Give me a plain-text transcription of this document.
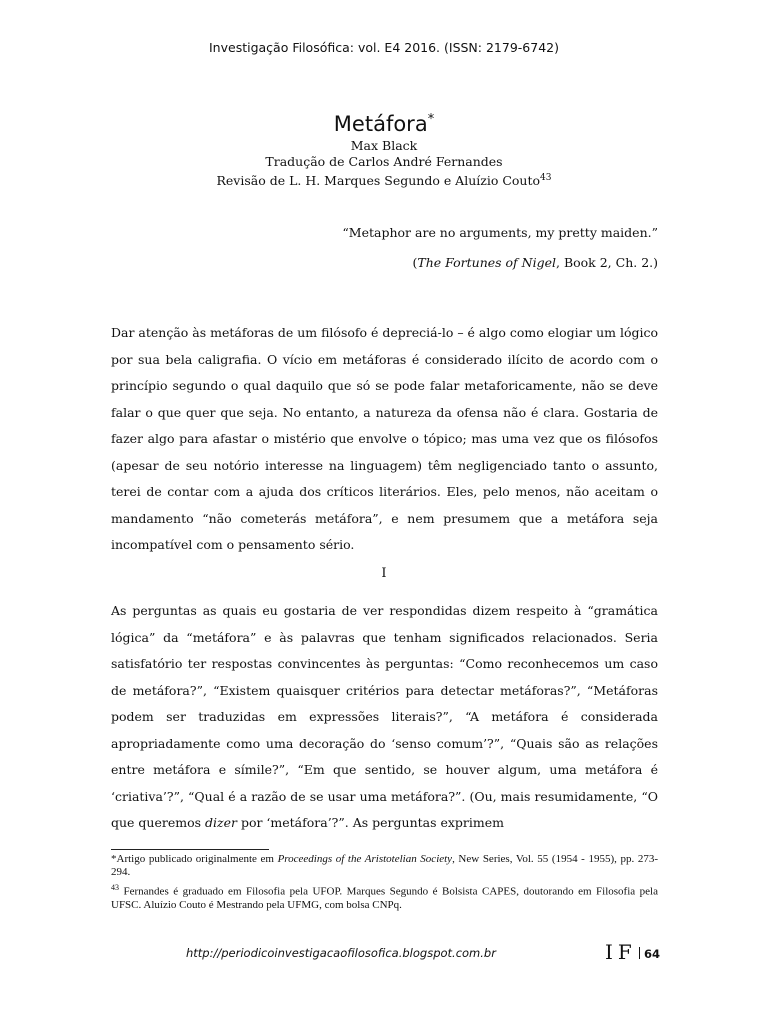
Investigação Filosófica: vol. E4 2016. (ISSN: 2179-6742)
Metáfora*
Max Black
Tradução de Carlos André Fernandes
Revisão de L. H. Marques Segundo e Aluízio Couto$^{43}$
“Metaphor are no arguments, my pretty maiden.”
(The Fortunes of Nigel, Book 2, Ch. 2.)
Dar atenção às metáforas de um filósofo é depreciá-lo – é algo como elogiar um lógico por sua bela caligrafia. O vício em metáforas é considerado ilícito de acordo com o princípio segundo o qual daquilo que só se pode falar metaforicamente, não se deve falar o que quer que seja. No entanto, a natureza da ofensa não é clara. Gostaria de fazer algo para afastar o mistério que envolve o tópico; mas uma vez que os filósofos (apesar de seu notório interesse na linguagem) têm negligenciado tanto o assunto, terei de contar com a ajuda dos críticos literários. Eles, pelo menos, não aceitam o mandamento “não cometerás metáfora”, e nem presumem que a metáfora seja incompatível com o pensamento sério.
I
As perguntas as quais eu gostaria de ver respondidas dizem respeito à “gramática lógica” da “metáfora” e às palavras que tenham significados relacionados. Seria satisfatório ter respostas convincentes às perguntas: “Como reconhecemos um caso de metáfora?”, “Existem quaisquer critérios para detectar metáforas?”, “Metáforas podem ser traduzidas em expressões literais?”, “A metáfora é considerada apropriadamente como uma decoração do ‘senso comum’?”, “Quais são as relações entre metáfora e símile?”, “Em que sentido, se houver algum, uma metáfora é ‘criativa’?”, “Qual é a razão de se usar uma metáfora?”. (Ou, mais resumidamente, “O que queremos dizer por ‘metáfora’?”. As perguntas exprimem

*Artigo publicado originalmente em Proceedings of the Aristotelian Society, New Series, Vol. 55 (1954 - 1955), pp. 273-294.

$^{43}$ Fernandes é graduado em Filosofia pela UFOP. Marques Segundo é Bolsista CAPES, doutorando em Filosofia pela UFSC. Aluízio Couto é Mestrando pela UFMG, com bolsa CNPq.

http://periodicoinvestigacaofilosofica.blogspot.com.br	IF 64
